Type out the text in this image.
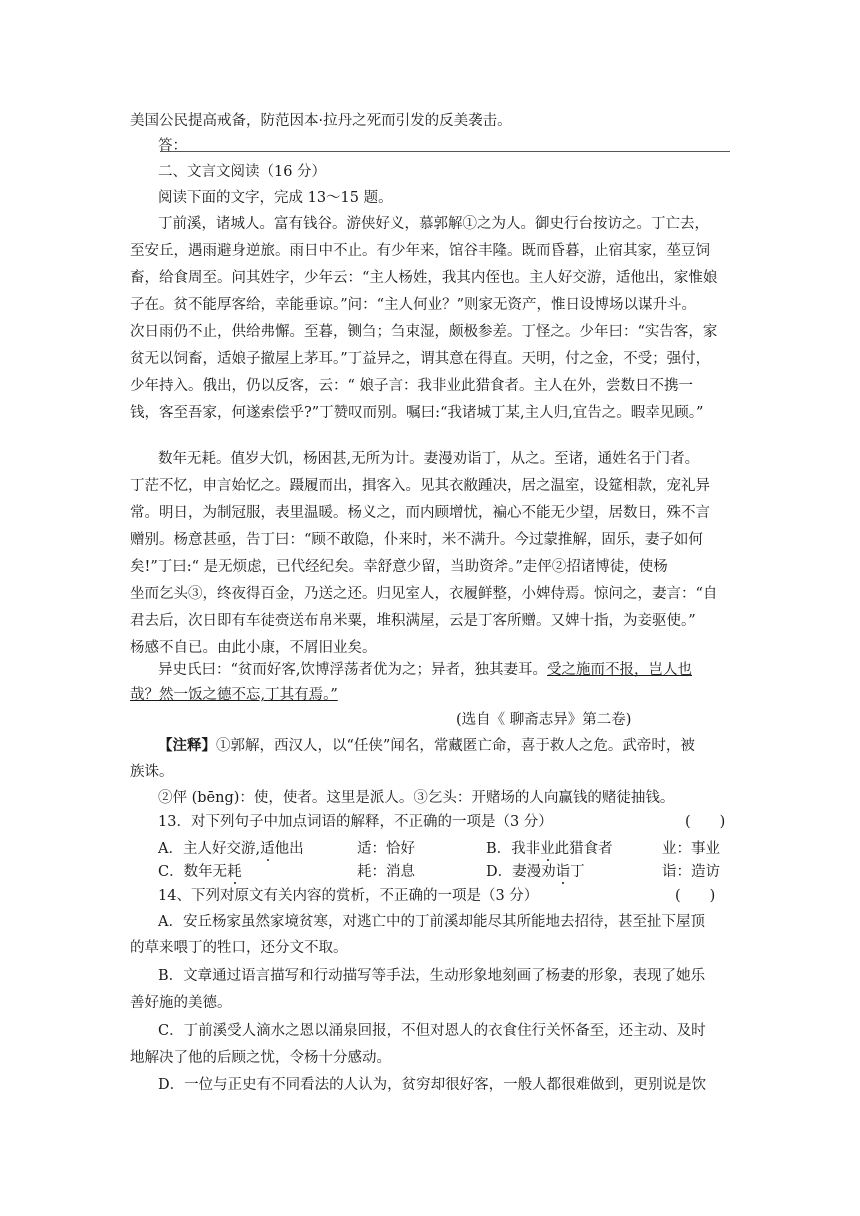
美国公民提高戒备，防范因本·拉丹之死而引发的反美袭击。
答：
二、文言文阅读（16 分）
阅读下面的文字，完成 13～15 题。
丁前溪，诸城人。富有钱谷。游侠好义，慕郭解①之为人。御史行台按访之。丁亡去，
至安丘，遇雨避身逆旅。雨日中不止。有少年来，馆谷丰隆。既而昏暮，止宿其家，莝豆饲
畜，给食周至。问其姓字，少年云：“主人杨姓，我其内侄也。主人好交游，适他出，家惟娘
子在。贫不能厚客给，幸能垂谅。”问：“主人何业？”则家无资产，惟日设博场以谋升斗。
次日雨仍不止，供给弗懈。至暮，铡刍；刍束湿，颇极参差。丁怪之。少年曰：“实告客，家
贫无以饲畜，适娘子撤屋上茅耳。”丁益异之，谓其意在得直。天明，付之金，不受；强付，
少年持入。俄出，仍以反客，云：“ 娘子言：我非业此猎食者。主人在外，尝数日不携一
钱，客至吾家，何遂索偿乎?”丁赞叹而别。嘱曰:“我诸城丁某,主人归,宜告之。暇幸见顾。”
数年无耗。值岁大饥，杨困甚,无所为计。妻漫劝诣丁，从之。至诸，通姓名于门者。
丁茫不忆，申言始忆之。蹑履而出，揖客入。见其衣敝踵决，居之温室，设筵相款，宠礼异
常。明日，为制冠服，表里温暖。杨义之，而内顾增忧，褊心不能无少望，居数日，殊不言
赠别。杨意甚亟，告丁曰：“顾不敢隐，仆来时，米不满升。今过蒙推解，固乐，妻子如何
矣!”丁曰:“ 是无烦虑，已代经纪矣。幸舒意少留，当助资斧。”走伻②招诸博徒，使杨
坐而乞头③，终夜得百金，乃送之还。归见室人，衣履鲜整，小婢侍焉。惊问之，妻言：“自
君去后，次日即有车徒赍送布帛米粟，堆积满屋，云是丁客所赠。又婢十指，为妾驱使。”
杨感不自已。由此小康，不屑旧业矣。
异史氏曰：“贫而好客,饮博浮荡者优为之；异者，独其妻耳。受之施而不报，岂人也
哉？然一饭之德不忘,丁其有焉。”
(选自《 聊斋志异》第二卷)
【注释】①郭解，西汉人，以“任侠”闻名，常藏匿亡命，喜于救人之危。武帝时，被
族诛。
②伻 (bēng)：使，使者。这里是派人。③乞头：开赌场的人向赢钱的赌徒抽钱。
13．对下列句子中加点词语的解释，不正确的一项是（3 分）	(　　)
A．主人好交游,适他出	适：恰好	B．我非业此猎食者	业：事业
C．数年无耗	耗：消息	D．妻漫劝诣丁	诣：造访
14、下列对原文有关内容的赏析，不正确的一项是（3 分）	(　　)
A．安丘杨家虽然家境贫寒，对逃亡中的丁前溪却能尽其所能地去招待，甚至扯下屋顶
的草来喂丁的牲口，还分文不取。
B．文章通过语言描写和行动描写等手法，生动形象地刻画了杨妻的形象，表现了她乐
善好施的美德。
C．丁前溪受人滴水之恩以涌泉回报，不但对恩人的衣食住行关怀备至，还主动、及时
地解决了他的后顾之忧，令杨十分感动。
D．一位与正史有不同看法的人认为，贫穷却很好客，一般人都很难做到，更别说是饮
